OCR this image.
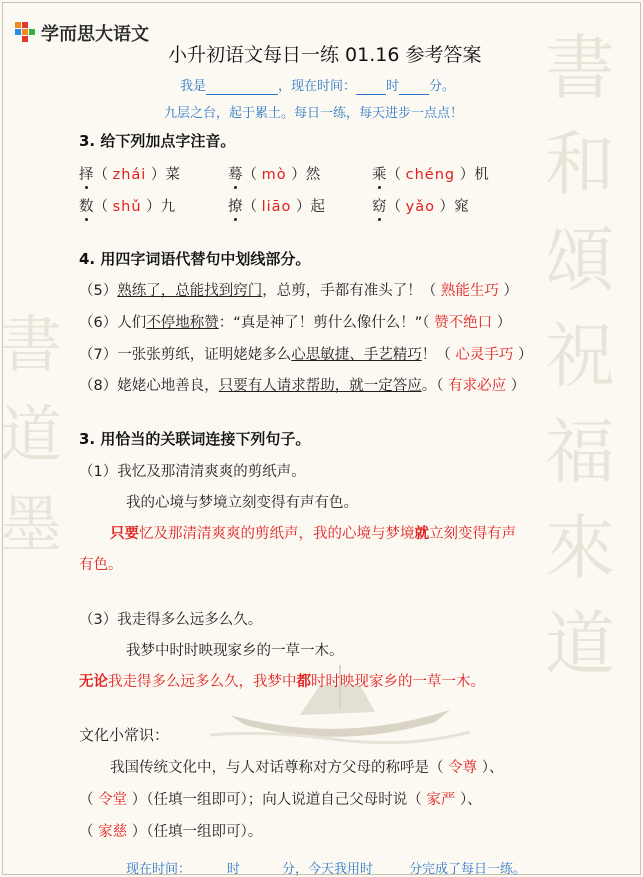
書和頌祝福來道
書道墨
学而思大语文
小升初语文每日一练 01.16 参考答案
我是	，现在时间： 时 分。
九层之台，起于累土。每日一练，每天进步一点点！
3. 给下列加点字注音。
择（ zhái ）菜	蓦（ mò ）然	乘（ chéng ）机
数（ shǔ ）九	撩（ liāo ）起	窈（ yǎo ）窕
4. 用四字词语代替句中划线部分。
（5）熟练了，总能找到窍门，总剪，手都有准头了！（ 熟能生巧 ）
（6）人们不停地称赞：“真是神了！剪什么像什么！”（ 赞不绝口 ）
（7）一张张剪纸，证明姥姥多么心思敏捷、手艺精巧！（ 心灵手巧 ）
（8）姥姥心地善良，只要有人请求帮助，就一定答应。（ 有求必应 ）
3. 用恰当的关联词连接下列句子。
（1）我忆及那清清爽爽的剪纸声。
我的心境与梦境立刻变得有声有色。
只要忆及那清清爽爽的剪纸声，我的心境与梦境就立刻变得有声
有色。
（3）我走得多么远多么久。
我梦中时时映现家乡的一草一木。
无论我走得多么远多么久，我梦中都时时映现家乡的一草一木。
文化小常识：
我国传统文化中，与人对话尊称对方父母的称呼是（ 令尊 ）、
（ 令堂 ）（任填一组即可）；向人说道自己父母时说（ 家严 ）、
（ 家慈 ）（任填一组即可）。
现在时间：	时	分，今天我用时	分完成了每日一练。
